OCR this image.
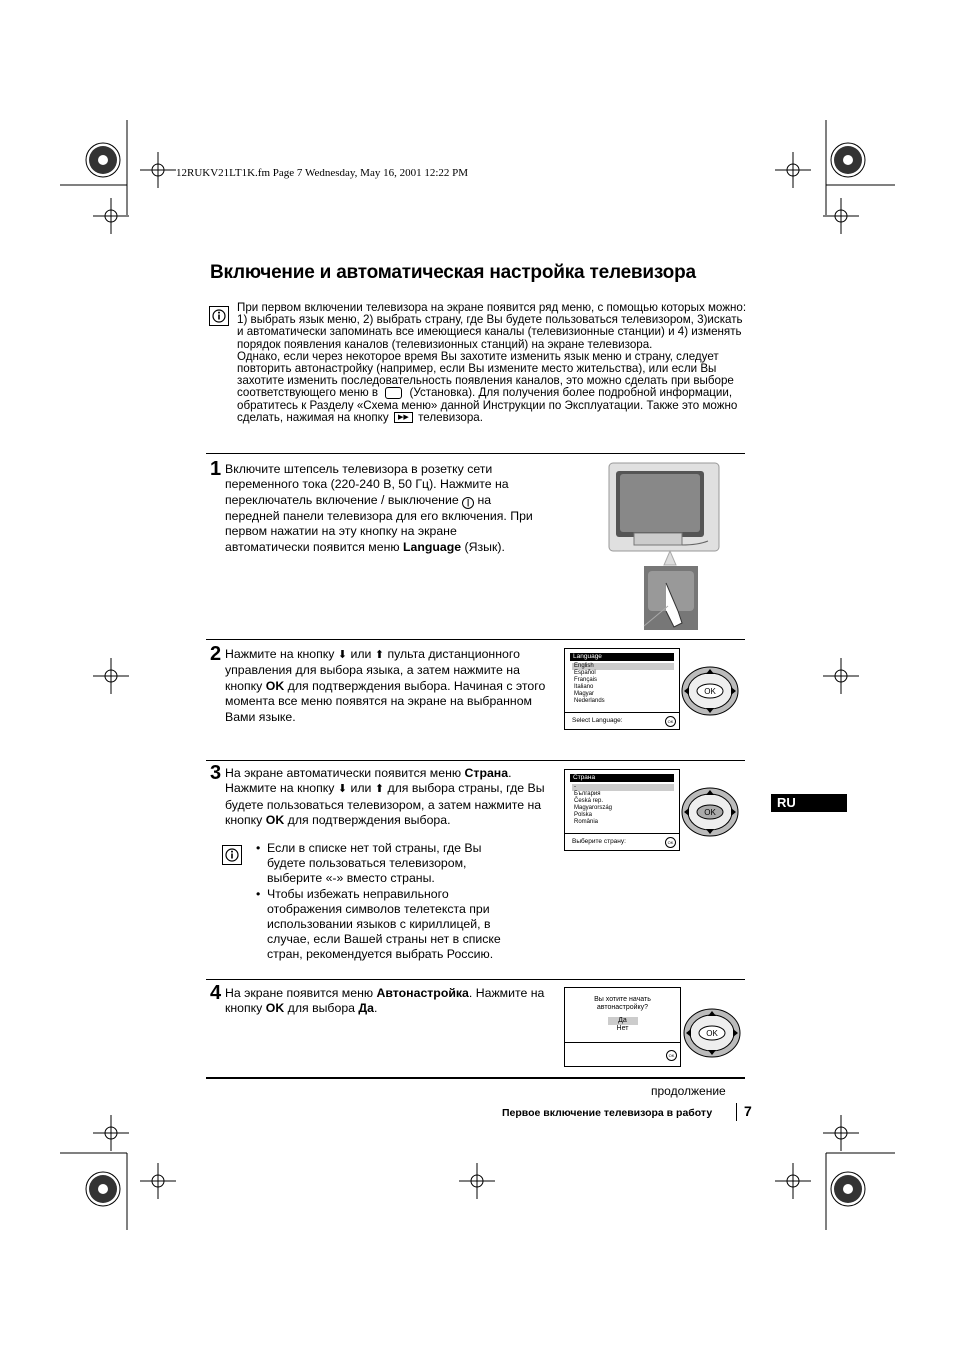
12RUKV21LT1K.fm Page 7 Wednesday, May 16, 2001 12:22 PM
Включение и автоматическая настройка телевизора

При первом включении телевизора на экране появится ряд меню, с помощью которых можно: 1) выбрать язык меню, 2) выбрать страну, где Вы будете пользоваться телевизором, 3)искать и автоматически запоминать все имеющиеся каналы (телевизионные станции) и 4) изменять порядок появления каналов (телевизионных станций) на экране телевизора.

Однако, если через некоторое время Вы захотите изменить язык меню и страну, следует повторить автонастройку (например, если Вы измените место жительства), или если Вы захотите изменить последовательность появления каналов, это можно сделать при выборе соответствующего меню в	(Установка). Для получения более подробной информации, обратитесь к Разделу «Схема меню» данной Инструкции по Эксплуатации. Также это можно сделать, нажимая на кнопку ▶▶ телевизора.

1 Включите штепсель телевизора в розетку сети переменного тока (220-240 В, 50 Гц). Нажмите на переключатель включение / выключение | на передней панели телевизора для его включения. При первом нажатии на эту кнопку на экране автоматически появится меню Language (Язык).
2 Нажмите на кнопку ⬇ или ⬆ пульта дистанционного управления для выбора языка, а затем нажмите на кнопку OK для подтверждения выбора. Начиная с этого момента все меню появятся на экране на выбранном Вами языке.
Language
English
Español
Français
Italiano
Magyar
Nederlands
Select Language:	OK
OK
3 На экране автоматически появится меню Страна. Нажмите на кнопку ⬇ или ⬆ для выбора страны, где Вы будете пользоваться телевизором, а затем нажмите на кнопку OK для подтверждения выбора.
Страна
-
България
Česká rep.
Magyarország
Polska
România
Выберите страну:	OK
OK
• Если в списке нет той страны, где Вы будете пользоваться телевизором, выберите «-» вместо страны.
• Чтобы избежать неправильного отображения символов телетекста при использовании языков с кириллицей, в случае, если Вашей страны нет в списке стран, рекомендуется выбрать Россию.
4 На экране появится меню Автонастройка. Нажмите на кнопку OK для выбора Да.
Вы хотите начать автонастройку?
Да
Нет
OK
OK
RU
продолжение
Первое включение телевизора в работу 7
